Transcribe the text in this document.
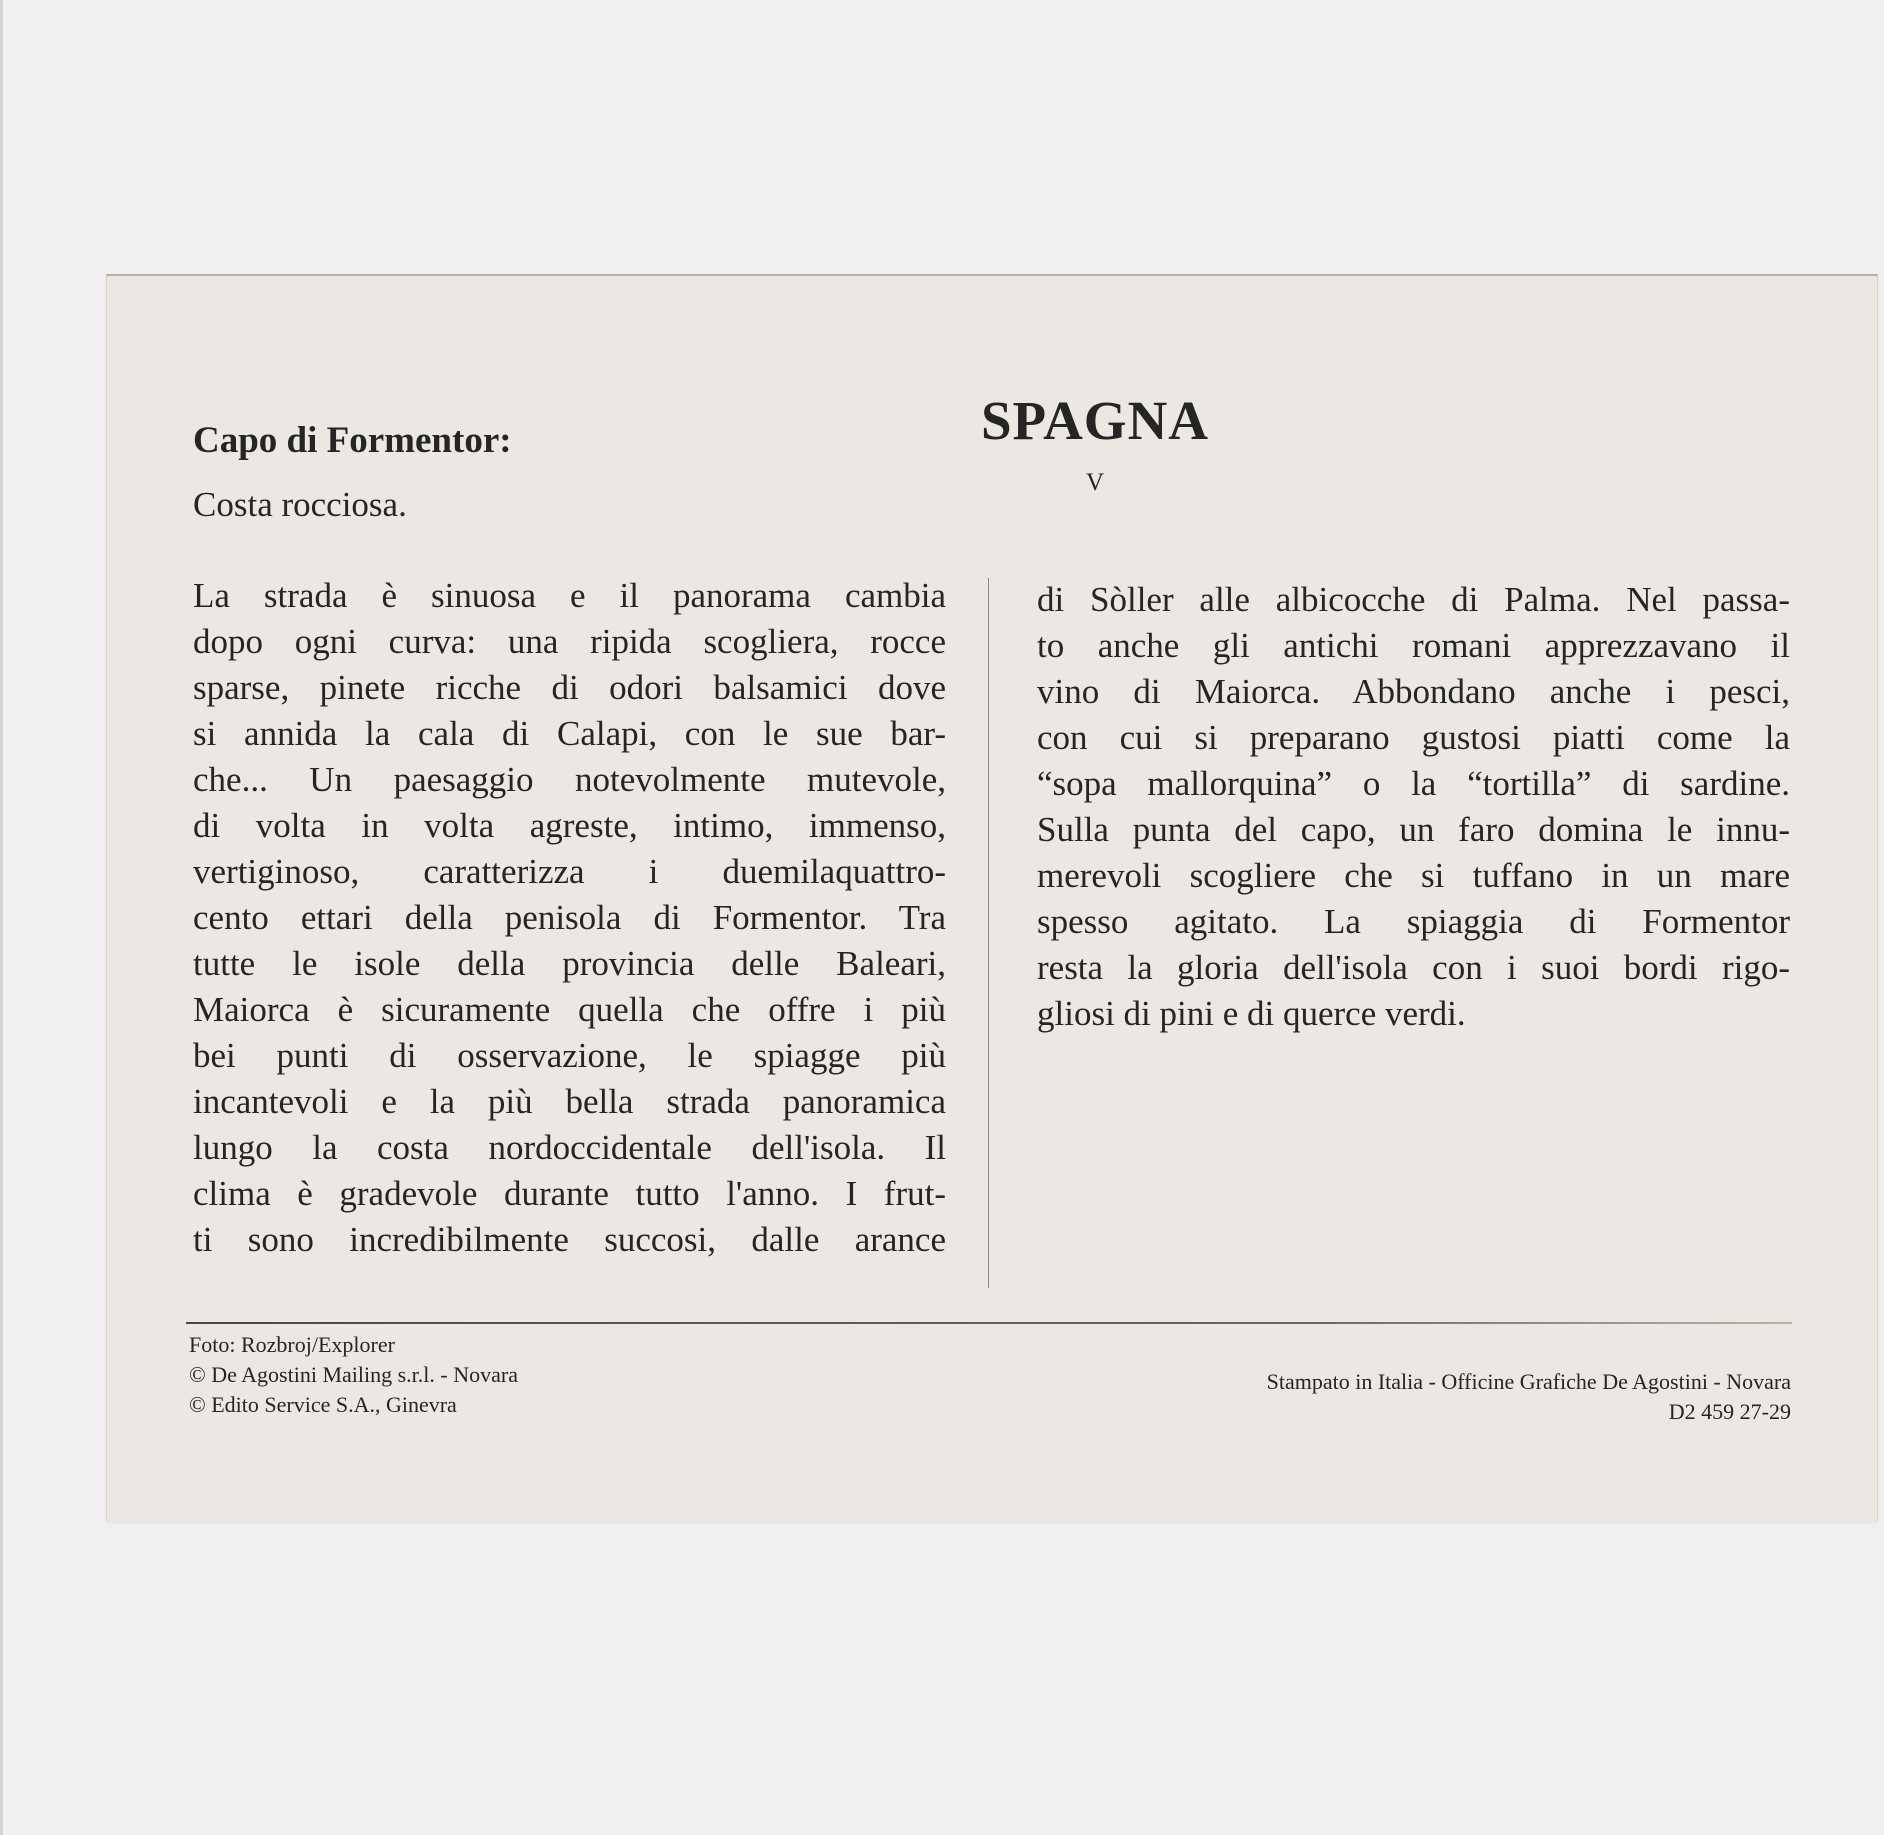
Capo di Formentor:
Costa rocciosa.
SPAGNA
V
La strada è sinuosa e il panorama cambia
dopo ogni curva: una ripida scogliera, rocce
sparse, pinete ricche di odori balsamici dove
si annida la cala di Calapi, con le sue bar-
che... Un paesaggio notevolmente mutevole,
di volta in volta agreste, intimo, immenso,
vertiginoso, caratterizza i duemilaquattro-
cento ettari della penisola di Formentor. Tra
tutte le isole della provincia delle Baleari,
Maiorca è sicuramente quella che offre i più
bei punti di osservazione, le spiagge più
incantevoli e la più bella strada panoramica
lungo la costa nordoccidentale dell'isola. Il
clima è gradevole durante tutto l'anno. I frut-
ti sono incredibilmente succosi, dalle arance
di Sòller alle albicocche di Palma. Nel passa-
to anche gli antichi romani apprezzavano il
vino di Maiorca. Abbondano anche i pesci,
con cui si preparano gustosi piatti come la
“sopa mallorquina” o la “tortilla” di sardine.
Sulla punta del capo, un faro domina le innu-
merevoli scogliere che si tuffano in un mare
spesso agitato. La spiaggia di Formentor
resta la gloria dell'isola con i suoi bordi rigo-
gliosi di pini e di querce verdi.
Foto: Rozbroj/Explorer
© De Agostini Mailing s.r.l. - Novara
© Edito Service S.A., Ginevra
Stampato in Italia - Officine Grafiche De Agostini - Novara
D2 459 27-29
